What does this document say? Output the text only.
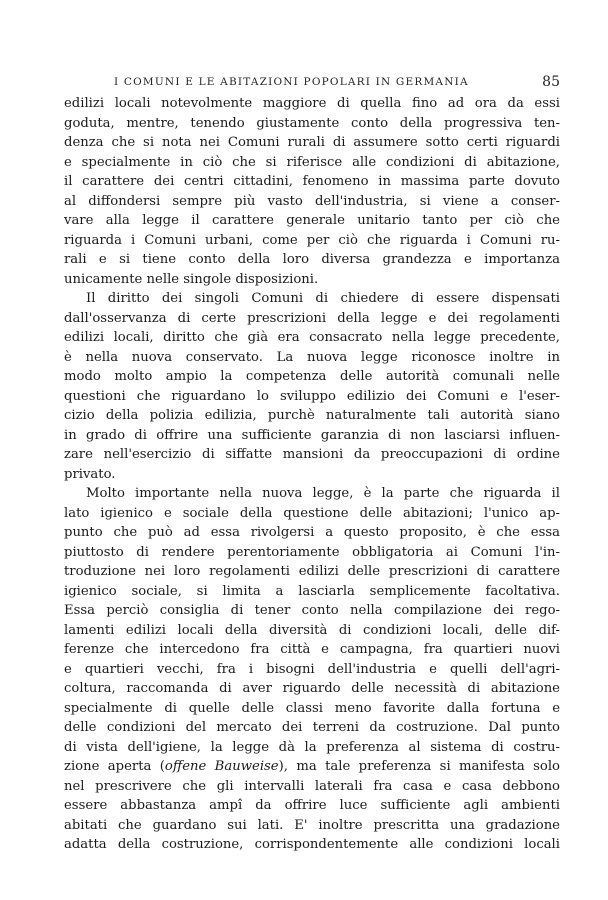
I COMUNI E LE ABITAZIONI POPOLARI IN GERMANIA	85
edilizi locali notevolmente maggiore di quella fino ad ora da essi
goduta, mentre, tenendo giustamente conto della progressiva ten-
denza che si nota nei Comuni rurali di assumere sotto certi riguardi
e specialmente in ciò che si riferisce alle condizioni di abitazione,
il carattere dei centri cittadini, fenomeno in massima parte dovuto
al diffondersi sempre più vasto dell'industria, si viene a conser-
vare alla legge il carattere generale unitario tanto per ciò che
riguarda i Comuni urbani, come per ciò che riguarda i Comuni ru-
rali e si tiene conto della loro diversa grandezza e importanza
unicamente nelle singole disposizioni.
Il diritto dei singoli Comuni di chiedere di essere dispensati
dall'osservanza di certe prescrizioni della legge e dei regolamenti
edilizi locali, diritto che già era consacrato nella legge precedente,
è nella nuova conservato. La nuova legge riconosce inoltre in
modo molto ampio la competenza delle autorità comunali nelle
questioni che riguardano lo sviluppo edilizio dei Comuni e l'eser-
cizio della polizia edilizia, purchè naturalmente tali autorità siano
in grado di offrire una sufficiente garanzia di non lasciarsi influen-
zare nell'esercizio di siffatte mansioni da preoccupazioni di ordine
privato.
Molto importante nella nuova legge, è la parte che riguarda il
lato igienico e sociale della questione delle abitazioni; l'unico ap-
punto che può ad essa rivolgersi a questo proposito, è che essa
piuttosto di rendere perentoriamente obbligatoria ai Comuni l'in-
troduzione nei loro regolamenti edilizi delle prescrizioni di carattere
igienico sociale, si limita a lasciarla semplicemente facoltativa.
Essa perciò consiglia di tener conto nella compilazione dei rego-
lamenti edilizi locali della diversità di condizioni locali, delle dif-
ferenze che intercedono fra città e campagna, fra quartieri nuovi
e quartieri vecchi, fra i bisogni dell'industria e quelli dell'agri-
coltura, raccomanda di aver riguardo delle necessità di abitazione
specialmente di quelle delle classi meno favorite dalla fortuna e
delle condizioni del mercato dei terreni da costruzione. Dal punto
di vista dell'igiene, la legge dà la preferenza al sistema di costru-
zione aperta (offene Bauweise), ma tale preferenza si manifesta solo
nel prescrivere che gli intervalli laterali fra casa e casa debbono
essere abbastanza ampî da offrire luce sufficiente agli ambienti
abitati che guardano sui lati. E' inoltre prescritta una gradazione
adatta della costruzione, corrispondentemente alle condizioni locali
